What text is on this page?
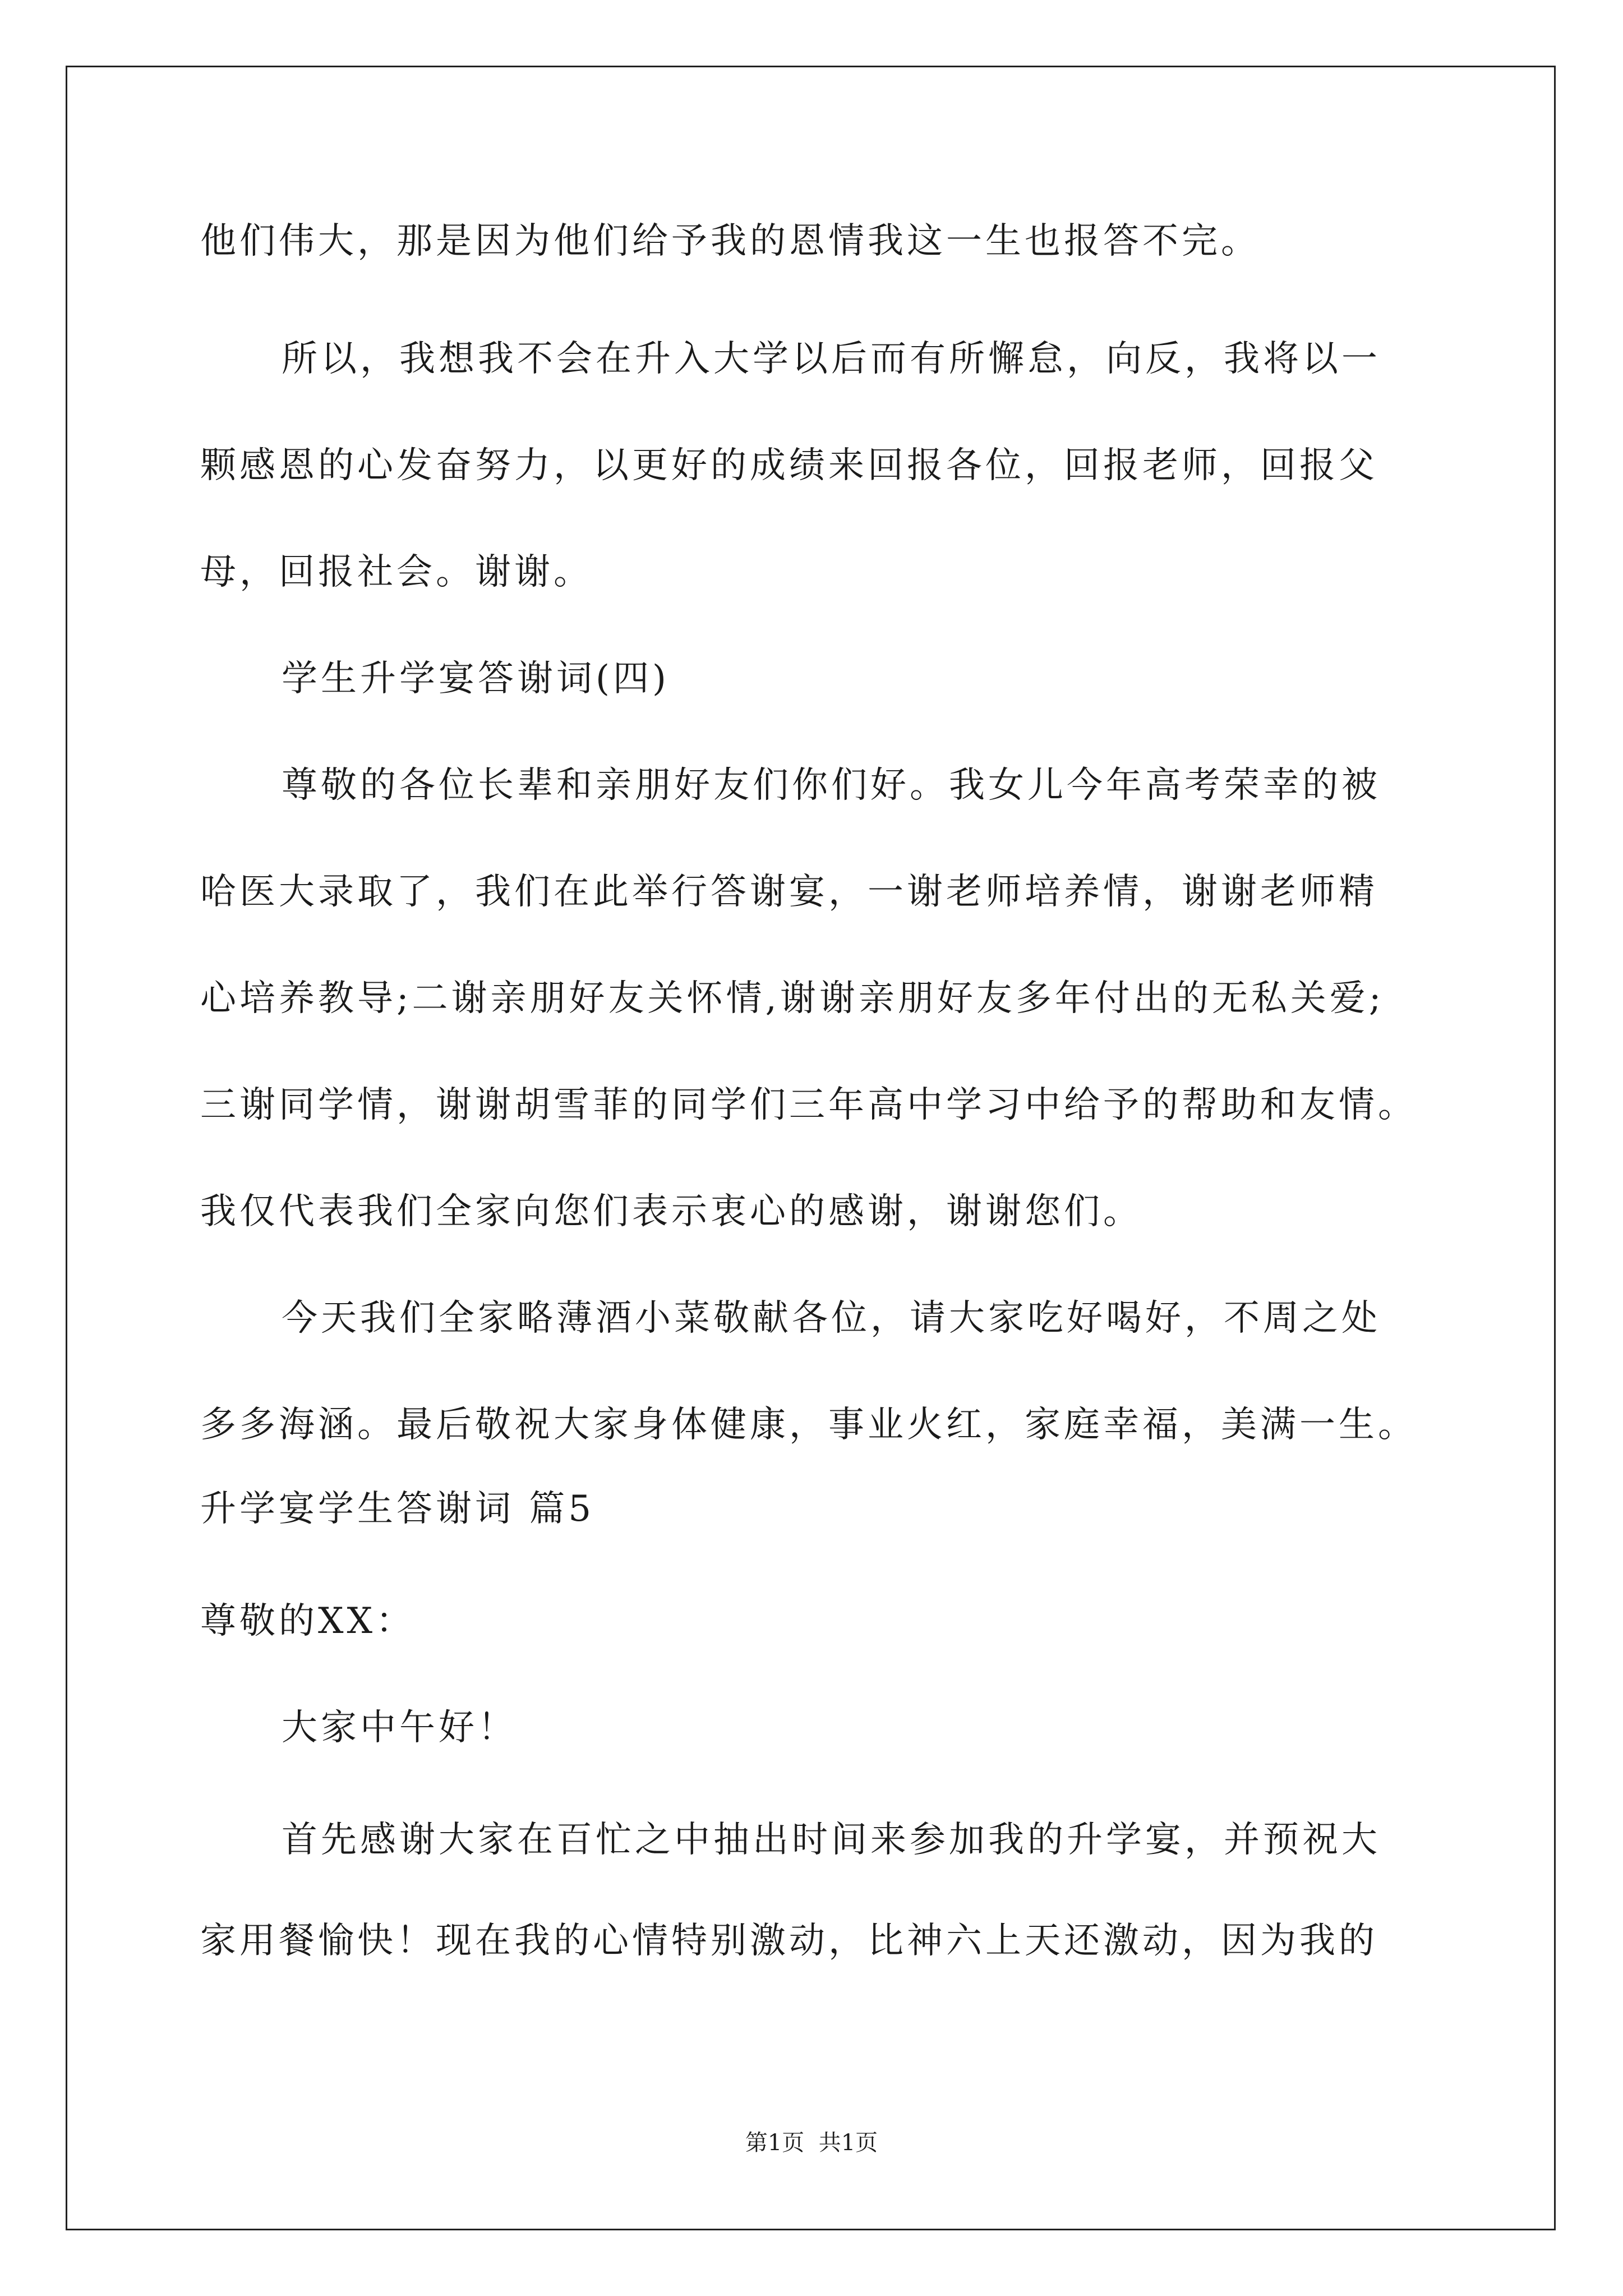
他们伟大，那是因为他们给予我的恩情我这一生也报答不完。
所以，我想我不会在升入大学以后而有所懈怠，向反，我将以一
颗感恩的心发奋努力，以更好的成绩来回报各位，回报老师，回报父
母，回报社会。谢谢。
学生升学宴答谢词(四)
尊敬的各位长辈和亲朋好友们你们好。我女儿今年高考荣幸的被
哈医大录取了，我们在此举行答谢宴，一谢老师培养情，谢谢老师精
心培养教导;二谢亲朋好友关怀情,谢谢亲朋好友多年付出的无私关爱;
三谢同学情，谢谢胡雪菲的同学们三年高中学习中给予的帮助和友情。
我仅代表我们全家向您们表示衷心的感谢，谢谢您们。
今天我们全家略薄酒小菜敬献各位，请大家吃好喝好，不周之处
多多海涵。最后敬祝大家身体健康，事业火红，家庭幸福，美满一生。
升学宴学生答谢词 篇5
尊敬的XX：
大家中午好！
首先感谢大家在百忙之中抽出时间来参加我的升学宴，并预祝大
家用餐愉快！现在我的心情特别激动，比神六上天还激动，因为我的
第1页  共1页
